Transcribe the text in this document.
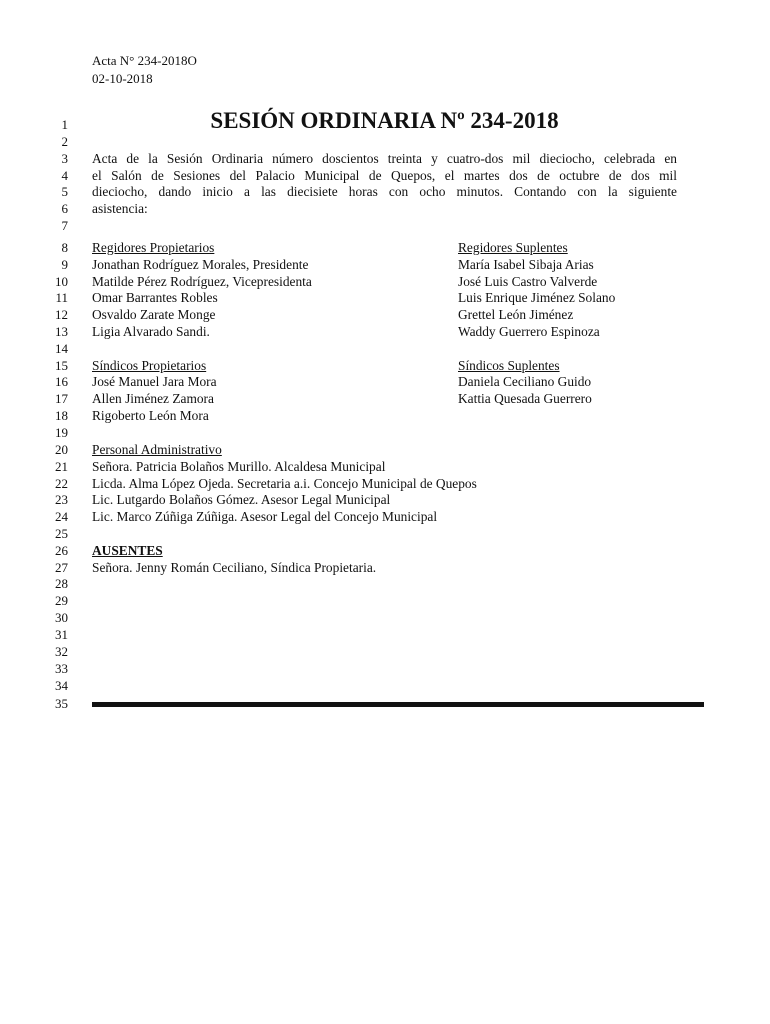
Acta N° 234-2018O
02-10-2018
1
2
3
4
5
6
7
8
9
10
11
12
13
14
15
16
17
18
19
20
21
22
23
24
25
26
27
28
29
30
31
32
33
34
35
SESIÓN ORDINARIA Nº 234-2018
Acta de la Sesión Ordinaria número doscientos treinta y cuatro-dos mil dieciocho, celebrada en
el Salón de Sesiones del Palacio Municipal de Quepos, el martes dos de octubre de dos mil
dieciocho, dando inicio a las diecisiete horas con ocho minutos. Contando con la siguiente
asistencia:
Regidores Propietarios
Jonathan Rodríguez Morales, Presidente
Matilde Pérez Rodríguez, Vicepresidenta
Omar Barrantes Robles
Osvaldo Zarate Monge
Ligia Alvarado Sandi.
Regidores Suplentes
María Isabel Sibaja Arias
José Luis Castro Valverde
Luis Enrique Jiménez Solano
Grettel León Jiménez
Waddy Guerrero Espinoza
Síndicos Propietarios
José Manuel Jara Mora
Allen Jiménez Zamora
Rigoberto León Mora
Síndicos Suplentes
Daniela Ceciliano Guido
Kattia Quesada Guerrero
Personal Administrativo
Señora. Patricia Bolaños Murillo. Alcaldesa Municipal
Licda. Alma López Ojeda. Secretaria a.i. Concejo Municipal de Quepos
Lic. Lutgardo Bolaños Gómez. Asesor Legal Municipal
Lic. Marco Zúñiga Zúñiga. Asesor Legal del Concejo Municipal
AUSENTES
Señora. Jenny Román Ceciliano, Síndica Propietaria.
